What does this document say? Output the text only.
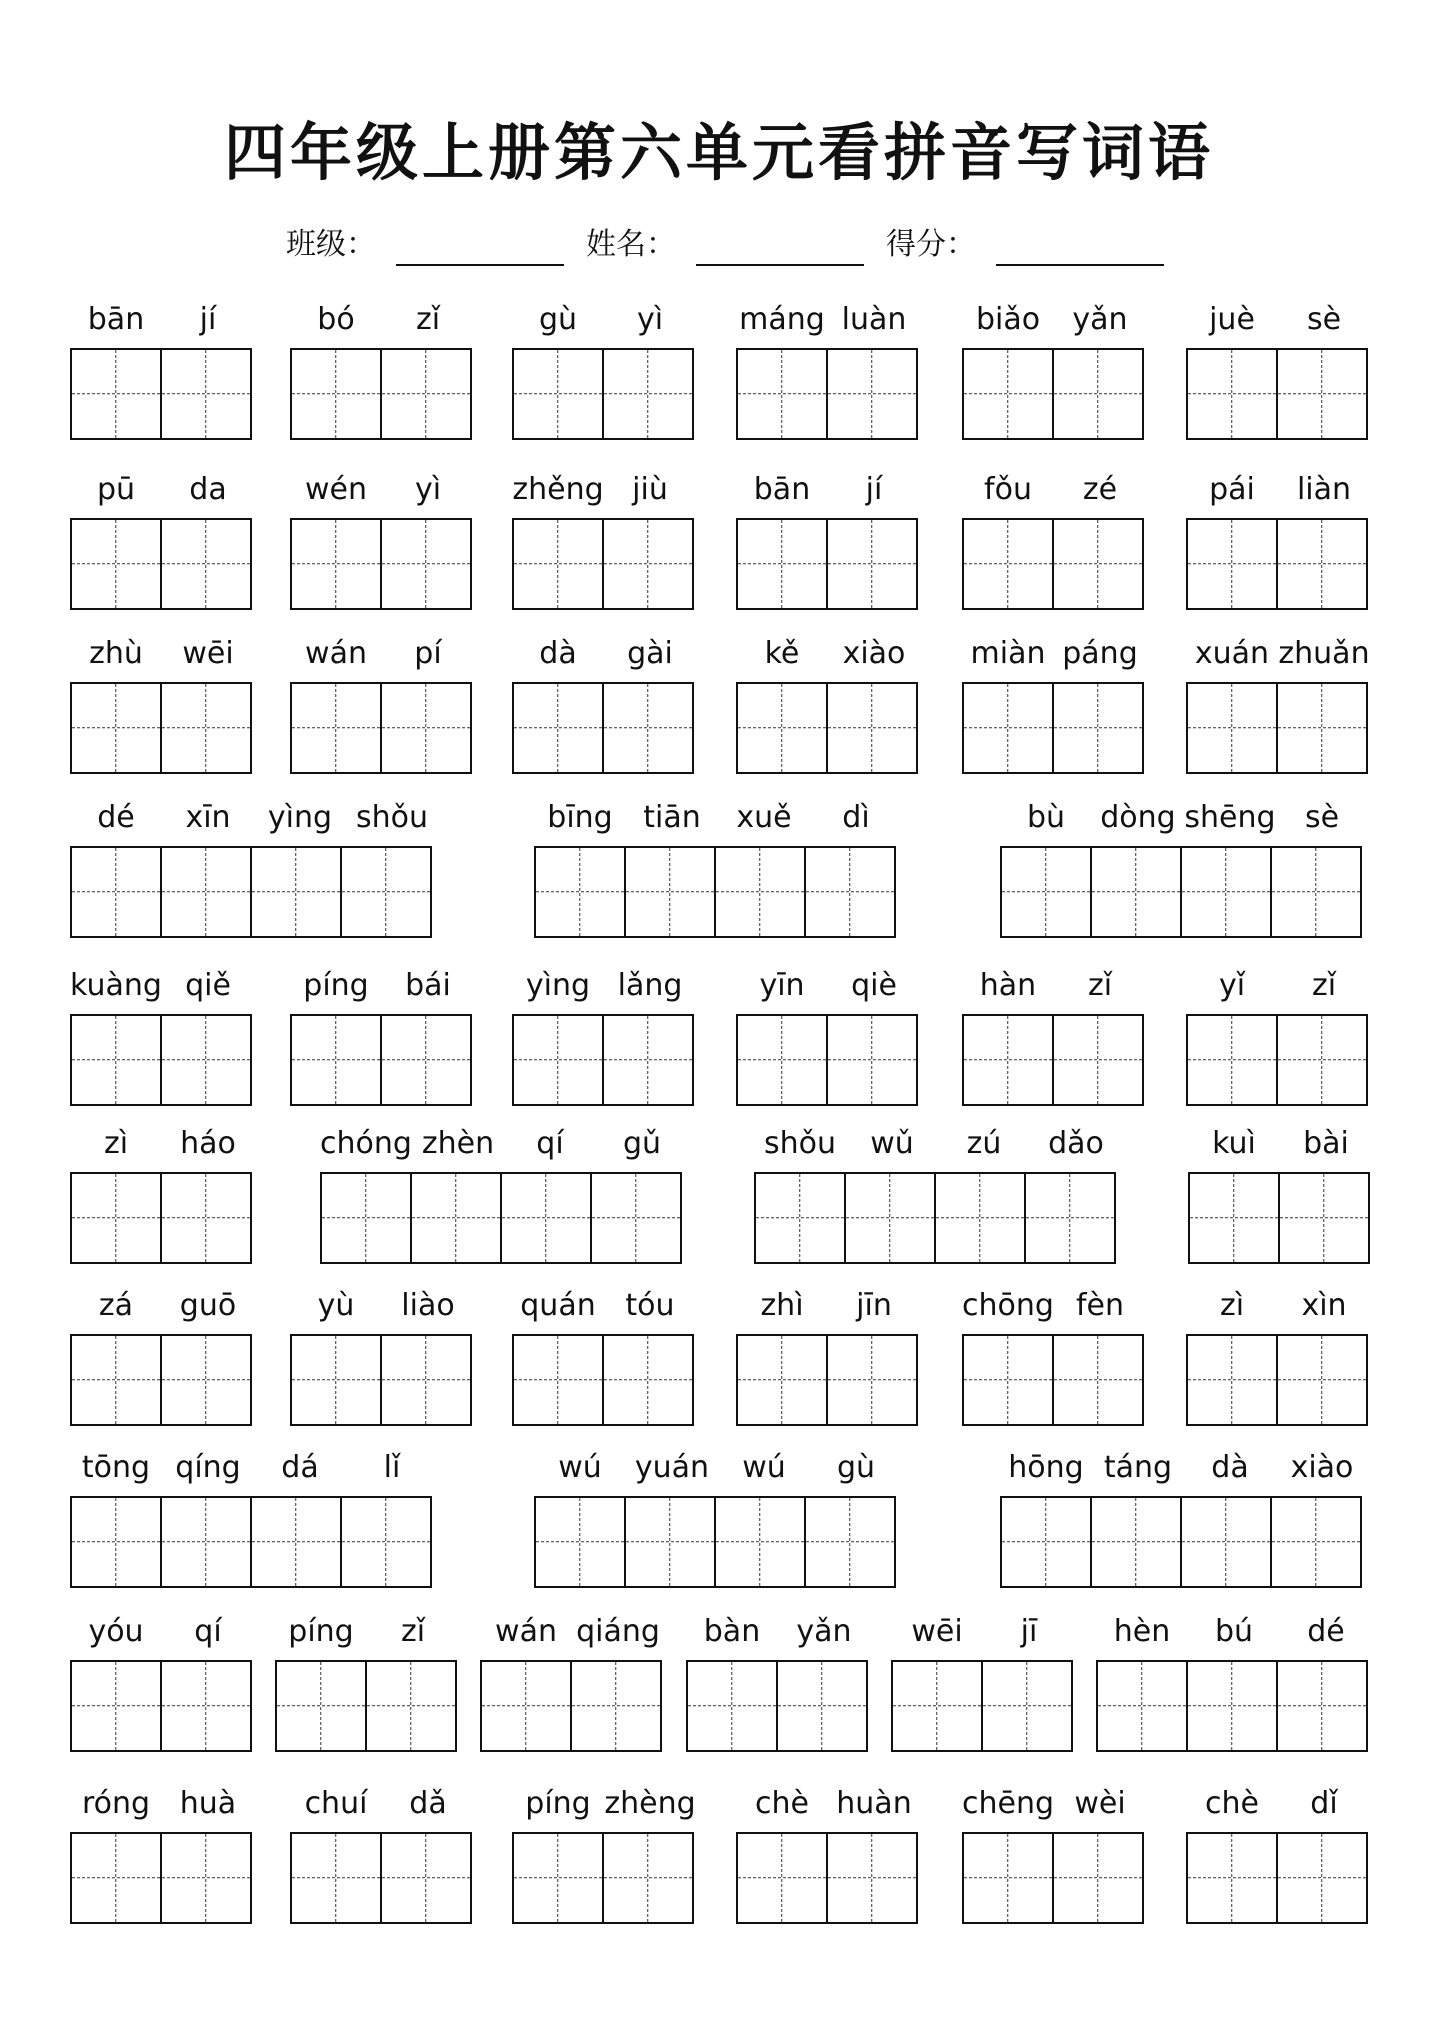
四年级上册第六单元看拼音写词语
班级：	姓名：	得分：
bān	jí	bó	zǐ	gù	yì	máng luàn	biǎo	yǎn	juè	sè
pū	da	wén	yì	zhěng jiù	bān	jí	fǒu	zé	pái	liàn
zhù	wēi	wán	pí	dà	gài	kě	xiào	miàn páng	xuán zhuǎn
dé	xīn	yìng shǒu	bīng	tiān	xuě	dì	bù	dòng shēng sè
kuàng qiě	píng	bái	yìng lǎng	yīn	qiè	hàn	zǐ	yǐ	zǐ
zì	háo	chóng zhèn	qí	gǔ	shǒu	wǔ	zú	dǎo	kuì	bài
zá	guō	yù	liào	quán tóu	zhì	jīn	chōng fèn	zì	xìn
tōng qíng	dá	lǐ	wú	yuán	wú	gù	hōng táng	dà	xiào
yóu	qí	píng	zǐ	wán qiáng	bàn	yǎn	wēi	jī	hèn	bú	dé
róng huà	chuí	dǎ	píng zhèng	chè huàn	chēng wèi	chè	dǐ
